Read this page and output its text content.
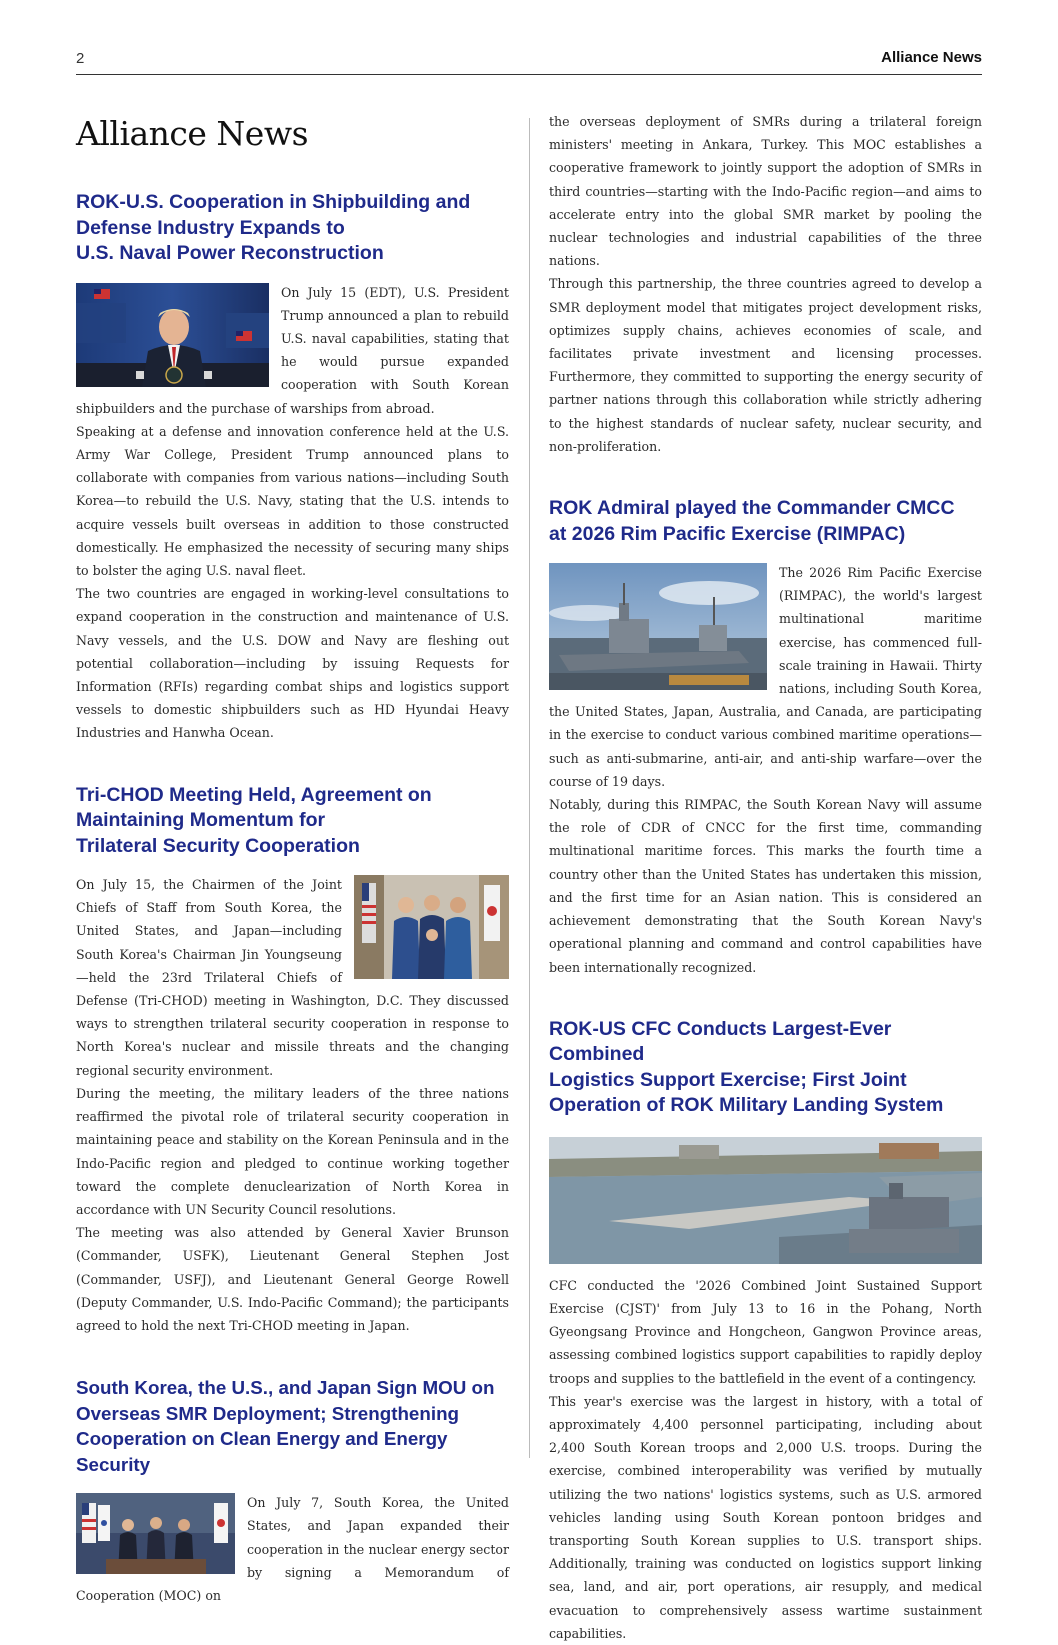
2	Alliance News
Alliance News
ROK-U.S. Cooperation in Shipbuilding and
Defense Industry Expands to
U.S. Naval Power Reconstruction

On July 15 (EDT), U.S. President Trump announced a plan to rebuild U.S. naval capabilities, stating that he would pursue expanded cooperation with South Korean shipbuilders and the purchase of warships from abroad.

Speaking at a defense and innovation conference held at the U.S. Army War College, President Trump announced plans to collaborate with companies from various nations—including South Korea—to rebuild the U.S. Navy, stating that the U.S. intends to acquire vessels built overseas in addition to those constructed domestically. He emphasized the necessity of securing many ships to bolster the aging U.S. naval fleet.

The two countries are engaged in working-level consultations to expand cooperation in the construction and maintenance of U.S. Navy vessels, and the U.S. DOW and Navy are fleshing out potential collaboration—including by issuing Requests for Information (RFIs) regarding combat ships and logistics support vessels to domestic shipbuilders such as HD Hyundai Heavy Industries and Hanwha Ocean.

Tri-CHOD Meeting Held, Agreement on
Maintaining Momentum for
Trilateral Security Cooperation

On July 15, the Chairmen of the Joint Chiefs of Staff from South Korea, the United States, and Japan—including South Korea's Chairman Jin Youngseung—held the 23rd Trilateral Chiefs of Defense (Tri-CHOD) meeting in Washington, D.C. They discussed ways to strengthen trilateral security cooperation in response to North Korea's nuclear and missile threats and the changing regional security environment.

During the meeting, the military leaders of the three nations reaffirmed the pivotal role of trilateral security cooperation in maintaining peace and stability on the Korean Peninsula and in the Indo-Pacific region and pledged to continue working together toward the complete denuclearization of North Korea in accordance with UN Security Council resolutions.

The meeting was also attended by General Xavier Brunson (Commander, USFK), Lieutenant General Stephen Jost (Commander, USFJ), and Lieutenant General George Rowell (Deputy Commander, U.S. Indo-Pacific Command); the participants agreed to hold the next Tri-CHOD meeting in Japan.

South Korea, the U.S., and Japan Sign MOU on
Overseas SMR Deployment; Strengthening
Cooperation on Clean Energy and Energy Security

On July 7, South Korea, the United States, and Japan expanded their cooperation in the nuclear energy sector by signing a Memorandum of Cooperation (MOC) on

the overseas deployment of SMRs during a trilateral foreign ministers' meeting in Ankara, Turkey. This MOC establishes a cooperative framework to jointly support the adoption of SMRs in third countries—starting with the Indo-Pacific region—and aims to accelerate entry into the global SMR market by pooling the nuclear technologies and industrial capabilities of the three nations.

Through this partnership, the three countries agreed to develop a SMR deployment model that mitigates project development risks, optimizes supply chains, achieves economies of scale, and facilitates private investment and licensing processes. Furthermore, they committed to supporting the energy security of partner nations through this collaboration while strictly adhering to the highest standards of nuclear safety, nuclear security, and non-proliferation.

ROK Admiral played the Commander CMCC
at 2026 Rim Pacific Exercise (RIMPAC)

The 2026 Rim Pacific Exercise (RIMPAC), the world's largest multinational maritime exercise, has commenced full-scale training in Hawaii. Thirty nations, including South Korea, the United States, Japan, Australia, and Canada, are participating in the exercise to conduct various combined maritime operations—such as anti-submarine, anti-air, and anti-ship warfare—over the course of 19 days.

Notably, during this RIMPAC, the South Korean Navy will assume the role of CDR of CNCC for the first time, commanding multinational maritime forces. This marks the fourth time a country other than the United States has undertaken this mission, and the first time for an Asian nation. This is considered an achievement demonstrating that the South Korean Navy's operational planning and command and control capabilities have been internationally recognized.

ROK-US CFC Conducts Largest-Ever Combined
Logistics Support Exercise; First Joint
Operation of ROK Military Landing System

CFC conducted the '2026 Combined Joint Sustained Support Exercise (CJST)' from July 13 to 16 in the Pohang, North Gyeongsang Province and Hongcheon, Gangwon Province areas, assessing combined logistics support capabilities to rapidly deploy troops and supplies to the battlefield in the event of a contingency.

This year's exercise was the largest in history, with a total of approximately 4,400 personnel participating, including about 2,400 South Korean troops and 2,000 U.S. troops. During the exercise, combined interoperability was verified by mutually utilizing the two nations' logistics systems, such as U.S. armored vehicles landing using South Korean pontoon bridges and transporting South Korean supplies to U.S. transport ships. Additionally, training was conducted on logistics support linking sea, land, and air, port operations, air resupply, and medical evacuation to comprehensively assess wartime sustainment capabilities.
